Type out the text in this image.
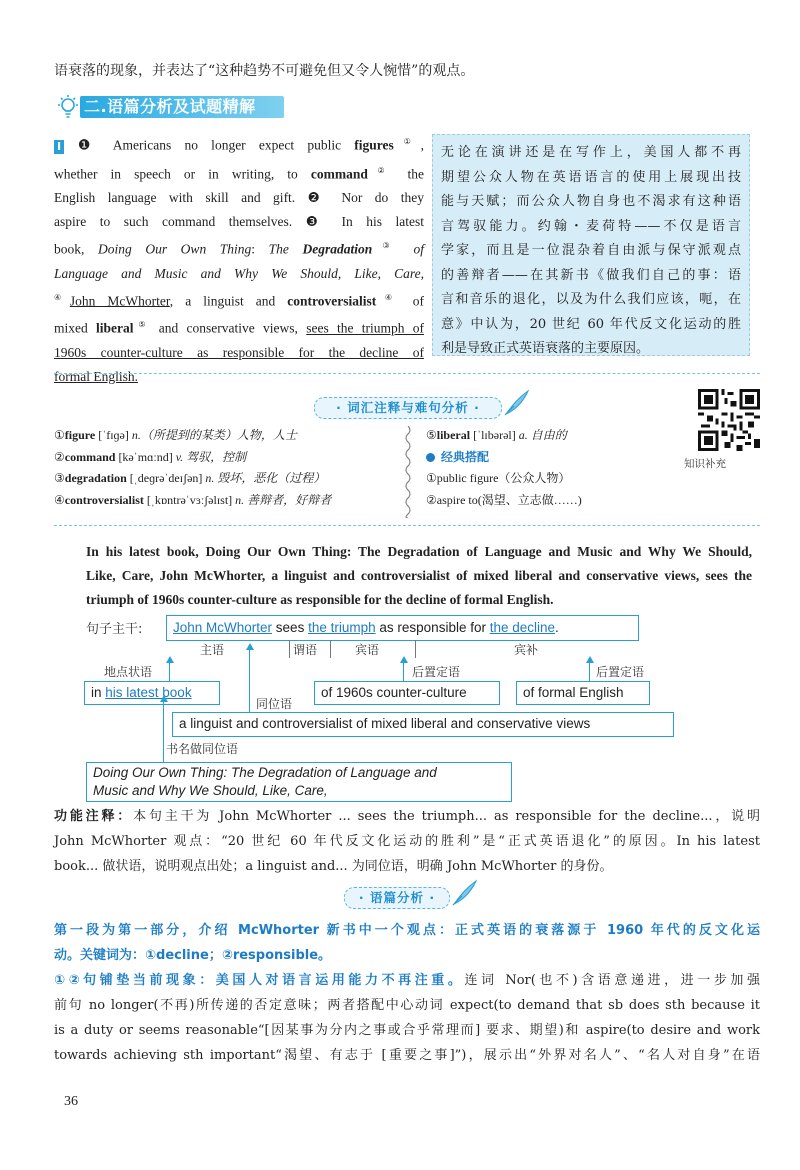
语衰落的现象，并表达了“这种趋势不可避免但又令人惋惜”的观点。
二.语篇分析及试题精解
I ❶ Americans no longer expect public figures①,
whether in speech or in writing, to command② the
English language with skill and gift. ❷ Nor do they
aspire to such command themselves. ❸ In his latest
book, Doing Our Own Thing: The Degradation③ of
Language and Music and Why We Should, Like, Care,
④John McWhorter, a linguist and controversialist④ of
mixed liberal⑤ and conservative views, sees the triumph of
1960s counter-culture as responsible for the decline of
formal English.
无论在演讲还是在写作上，美国人都不再
期望公众人物在英语语言的使用上展现出技
能与天赋；而公众人物自身也不渴求有这种语
言驾驭能力。约翰・麦荷特——不仅是语言
学家，而且是一位混杂着自由派与保守派观点
的善辩者——在其新书《做我们自己的事：语
言和音乐的退化，以及为什么我们应该，呃，在
意》中认为，20 世纪 60 年代反文化运动的胜
利是导致正式英语衰落的主要原因。
· 词汇注释与难句分析 ·
①figure [ˈfɪɡə] n.（所提到的某类）人物，人士
②command [kəˈmɑːnd] v. 驾驭，控制
③degradation [ˌdeɡrəˈdeɪʃən] n. 毁坏，恶化（过程）
④controversialist [ˌkɒntrəˈvɜːʃəlɪst] n. 善辩者，好辩者
⑤liberal [ˈlɪbərəl] a. 自由的
经典搭配
①public figure（公众人物）
②aspire to(渴望、立志做……)
知识补充
In his latest book, Doing Our Own Thing: The Degradation of Language and Music and Why We Should,
Like, Care, John McWhorter, a linguist and controversialist of mixed liberal and conservative views, sees the
triumph of 1960s counter-culture as responsible for the decline of formal English.
句子主干:	John McWhorter sees the triumph as responsible for the decline.
主语	谓语	宾语	宾补
地点状语
in his latest book
后置定语
of 1960s counter-culture
后置定语
of formal English
同位语
a linguist and controversialist of mixed liberal and conservative views
书名做同位语
Doing Our Own Thing: The Degradation of Language and
Music and Why We Should, Like, Care,
功能注释：本句主干为 John McWhorter ... sees the triumph... as responsible for the decline...，说明
John McWhorter 观点：“20 世纪 60 年代反文化运动的胜利”是“正式英语退化”的原因。In his latest
book... 做状语，说明观点出处；a linguist and... 为同位语，明确 John McWhorter 的身份。
· 语篇分析 ·
第一段为第一部分，介绍 McWhorter 新书中一个观点：正式英语的衰落源于 1960 年代的反文化运
动。关键词为：①decline；②responsible。
①②句铺垫当前现象：美国人对语言运用能力不再注重。连词 Nor(也不)含语意递进，进一步加强
前句 no longer(不再)所传递的否定意味；两者搭配中心动词 expect(to demand that sb does sth because it
is a duty or seems reasonable“[因某事为分内之事或合乎常理而] 要求、期望)和 aspire(to desire and work
towards achieving sth important“渴望、有志于 [重要之事]”)，展示出“外界对名人”、“名人对自身”在语
36
